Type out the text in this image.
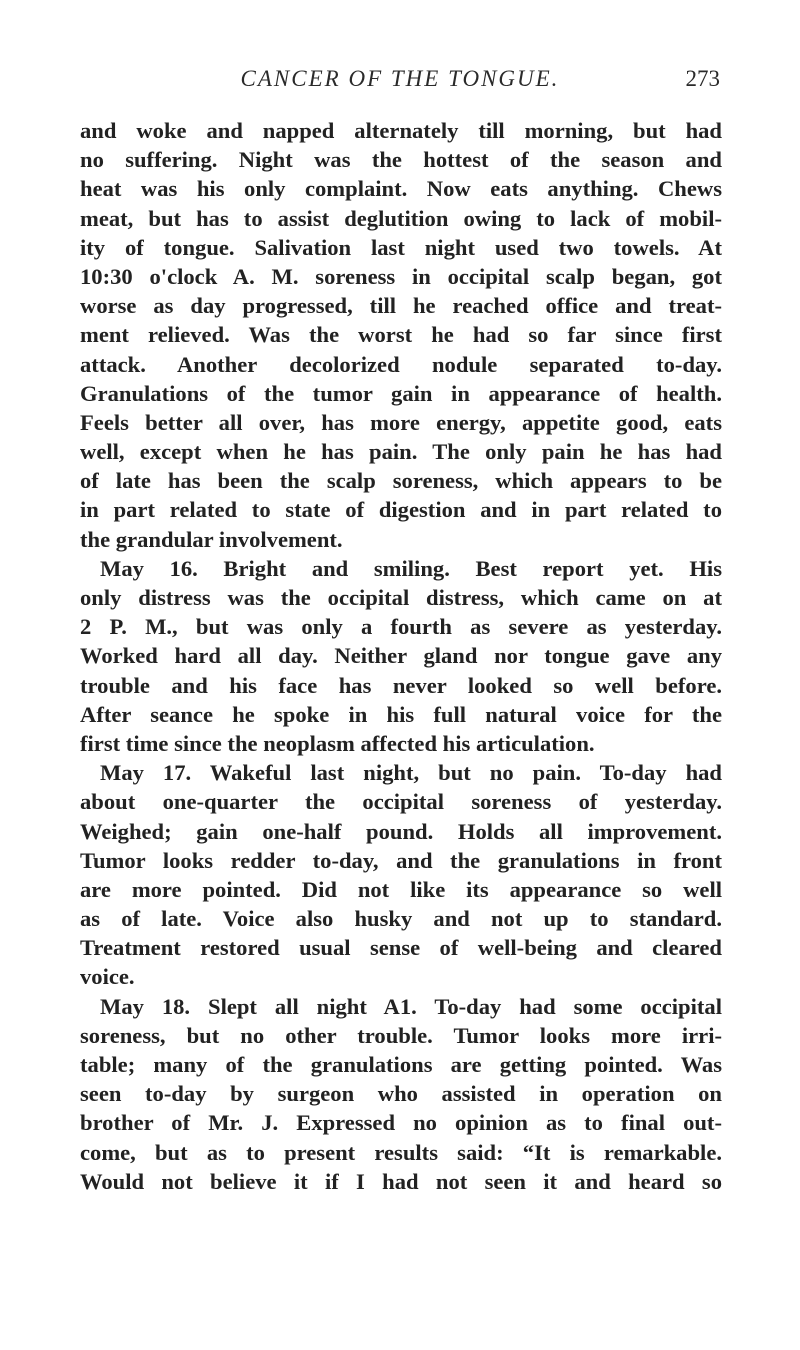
CANCER OF THE TONGUE.	273
and woke and napped alternately till morning, but had
no suffering. Night was the hottest of the season and
heat was his only complaint. Now eats anything. Chews
meat, but has to assist deglutition owing to lack of mobil-
ity of tongue. Salivation last night used two towels. At
10:30 o'clock A. M. soreness in occipital scalp began, got
worse as day progressed, till he reached office and treat-
ment relieved. Was the worst he had so far since first
attack. Another decolorized nodule separated to-day.
Granulations of the tumor gain in appearance of health.
Feels better all over, has more energy, appetite good, eats
well, except when he has pain. The only pain he has had
of late has been the scalp soreness, which appears to be
in part related to state of digestion and in part related to
the grandular involvement.
May 16. Bright and smiling. Best report yet. His
only distress was the occipital distress, which came on at
2 P. M., but was only a fourth as severe as yesterday.
Worked hard all day. Neither gland nor tongue gave any
trouble and his face has never looked so well before.
After seance he spoke in his full natural voice for the
first time since the neoplasm affected his articulation.
May 17. Wakeful last night, but no pain. To-day had
about one-quarter the occipital soreness of yesterday.
Weighed; gain one-half pound. Holds all improvement.
Tumor looks redder to-day, and the granulations in front
are more pointed. Did not like its appearance so well
as of late. Voice also husky and not up to standard.
Treatment restored usual sense of well-being and cleared
voice.
May 18. Slept all night A1. To-day had some occipital
soreness, but no other trouble. Tumor looks more irri-
table; many of the granulations are getting pointed. Was
seen to-day by surgeon who assisted in operation on
brother of Mr. J. Expressed no opinion as to final out-
come, but as to present results said: “It is remarkable.
Would not believe it if I had not seen it and heard so
